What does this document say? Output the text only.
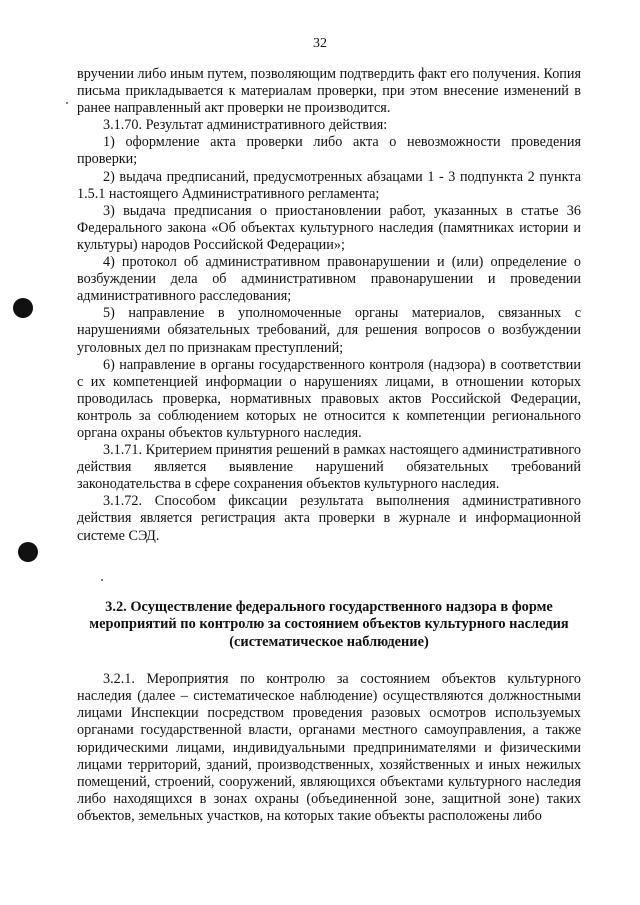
32

вручении либо иным путем, позволяющим подтвердить факт его получения. Копия письма прикладывается к материалам проверки, при этом внесение изменений в ранее направленный акт проверки не производится.

3.1.70. Результат административного действия:

1) оформление акта проверки либо акта о невозможности проведения проверки;

2) выдача предписаний, предусмотренных абзацами 1 - 3 подпункта 2 пункта 1.5.1 настоящего Административного регламента;

3) выдача предписания о приостановлении работ, указанных в статье 36 Федерального закона «Об объектах культурного наследия (памятниках истории и культуры) народов Российской Федерации»;

4) протокол об административном правонарушении и (или) определение о возбуждении дела об административном правонарушении и проведении административного расследования;

5) направление в уполномоченные органы материалов, связанных с нарушениями обязательных требований, для решения вопросов о возбуждении уголовных дел по признакам преступлений;

6) направление в органы государственного контроля (надзора) в соответствии с их компетенцией информации о нарушениях лицами, в отношении которых проводилась проверка, нормативных правовых актов Российской Федерации, контроль за соблюдением которых не относится к компетенции регионального органа охраны объектов культурного наследия.

3.1.71. Критерием принятия решений в рамках настоящего административного действия является выявление нарушений обязательных требований законодательства в сфере сохранения объектов культурного наследия.

3.1.72. Способом фиксации результата выполнения административного действия является регистрация акта проверки в журнале и информационной системе СЭД.

3.2. Осуществление федерального государственного надзора в форме мероприятий по контролю за состоянием объектов культурного наследия (систематическое наблюдение)

3.2.1. Мероприятия по контролю за состоянием объектов культурного наследия (далее – систематическое наблюдение) осуществляются должностными лицами Инспекции посредством проведения разовых осмотров используемых органами государственной власти, органами местного самоуправления, а также юридическими лицами, индивидуальными предпринимателями и физическими лицами территорий, зданий, производственных, хозяйственных и иных нежилых помещений, строений, сооружений, являющихся объектами культурного наследия либо находящихся в зонах охраны (объединенной зоне, защитной зоне) таких объектов, земельных участков, на которых такие объекты расположены либо
